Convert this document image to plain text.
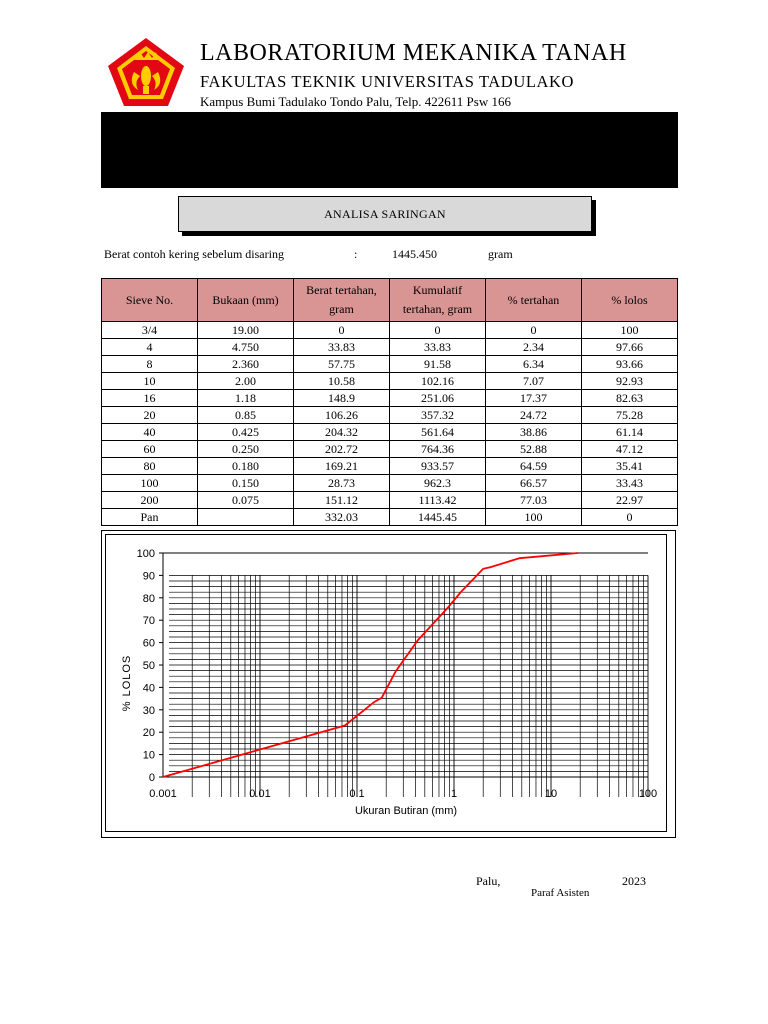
LABORATORIUM MEKANIKA TANAH
FAKULTAS TEKNIK UNIVERSITAS TADULAKO
Kampus Bumi Tadulako Tondo Palu, Telp. 422611 Psw 166
ANALISA SARINGAN
Berat contoh kering sebelum disaring	:	1445.450	gram
Sieve No.	Bukaan (mm)	Berat tertahan, gram	Kumulatif tertahan, gram	% tertahan	% lolos
3/4	19.00	0	0	0	100
4	4.750	33.83	33.83	2.34	97.66
8	2.360	57.75	91.58	6.34	93.66
10	2.00	10.58	102.16	7.07	92.93
16	1.18	148.9	251.06	17.37	82.63
20	0.85	106.26	357.32	24.72	75.28
40	0.425	204.32	561.64	38.86	61.14
60	0.250	202.72	764.36	52.88	47.12
80	0.180	169.21	933.57	64.59	35.41
100	0.150	28.73	962.3	66.57	33.43
200	0.075	151.12	1113.42	77.03	22.97
Pan		332.03	1445.45	100	0
0
10
20
30
40
50
60
70
80
90
100
0.001	0.01	0.1	1	10	100
Ukuran Butiran (mm)
% LOLOS
Palu,	2023
Paraf Asisten
